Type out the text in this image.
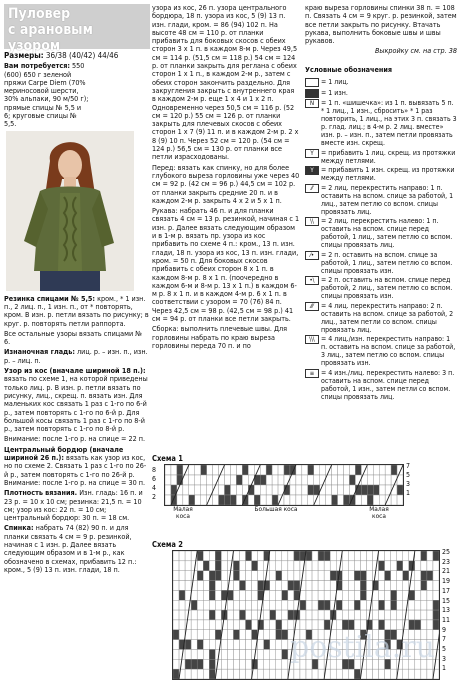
Пуловер
с арановым узором
Размеры: 36/38 (40/42) 44/46
Вам потребуется: 550 (600) 650 г зеленой пряжи Carpe Diem (70% мериносовой шерсти, 30% альпаки, 90 м/50 г); прямые спицы № 5,5 и 6; круговые спицы № 5,5.
Резинка спицами № 5,5: кром., * 1 изн. п., 2 лиц. п., 1 изн. п., от * повторять, кром. В изн. р. петли вязать по рисунку; в круг. р. повторять петли раппорта.
Все остальные узоры вязать спицами № 6.
Изнаночная гладь: лиц. р. – изн. п., изн. р. – лиц. п.
Узор из кос (вначале шириной 18 п.): вязать по схеме 1, на которой приведены только лиц. р. В изн. р. петли вязать по рисунку, лиц., скрещ. п. вязать изн. Для маленьких кос связать 1 раз с 1-го по 6-й р., затем повторять с 1-го по 6-й р. Для большой косы связать 1 раз с 1-го по 8-й р., затем повторять с 1-го по 8-й р.
Внимание: после 1-го р. на спице = 22 п.
Центральный бордюр (вначале шириной 26 п.): вязать как узор из кос, но по схеме 2. Связать 1 раз с 1-го по 26-й р., затем повторять с 1-го по 26-й р. Внимание: после 1-го р. на спице = 30 п.
Плотность вязания. Изн. гладь: 16 п. и 23 р. = 10 х 10 см; резинка: 21,5 п. = 10 см; узор из кос: 22 п. = 10 см; центральный бордюр: 30 п. = 18 см.
Спинка: набрать 74 (82) 90 п. и для планки связать 4 см = 9 р. резинкой, начиная с 1 изн. р. Далее вязать следующим образом и в 1-м р., как обозначено в схемах, прибавить 12 п.: кром., 5 (9) 13 п. изн. глади, 18 п.
узора из кос, 26 п. узора центрального бордюра, 18 п. узора из кос, 5 (9) 13 п. изн. глади, кром. = 86 (94) 102 п. На высоте 48 см = 110 р. от планки прибавить для боковых скосов с обеих сторон 3 х 1 п. в каждом 8-м р. Через 49,5 см = 114 р. (51,5 см = 118 р.) 54 см = 124 р. от планки закрыть для реглана с обеих сторон 1 х 1 п., в каждом 2-м р., затем с обеих сторон закончить раздельно. Для закругления закрыть с внутреннего края в каждом 2-м р. еще 1 х 4 и 1 х 2 п. Одновременно через 50,5 см = 116 р. (52 см = 120 р.) 55 см = 126 р. от планки закрыть для плечевых скосов с обеих сторон 1 х 7 (9) 11 п. и в каждом 2-м р. 2 х 8 (9) 10 п. Через 52 см = 120 р. (54 см = 124 р.) 56,5 см = 130 р. от планки все петли израсходованы.
Перед: вязать как спинку, но для более глубокого выреза горловины уже через 40 см = 92 р. (42 см = 96 р.) 44,5 см = 102 р. от планки закрыть средние 20 п. и в каждом 2-м р. закрыть 4 х 2 и 5 х 1 п.
Рукава: набрать 46 п. и для планки связать 4 см = 13 р. резинкой, начиная с 1 изн. р. Далее вязать следующим образом и в 1-м р. вязать пр. узора из кос прибавить по схеме 4 п.: кром., 13 п. изн. глади, 18 п. узора из кос, 13 п. изн. глади, кром. = 50 п. Для боковых скосов прибавить с обеих сторон 8 х 1 п. в каждом 8-м р. 8 х 1 п. (поочередно в каждом 6-м и 8-м р. 13 х 1 п.) в каждом 6-м р. 8 х 1 п. и в каждом 4-м р. 6 х 1 п. в соответствии с узором = 70 (76) 84 п. Через 42,5 см = 98 р. (42,5 см = 98 р.) 41 см = 94 р. от планки все петли закрыть.
Сборка: выполнить плечевые швы. Для горловины набрать по краю выреза горловины переда 70 п. и по
краю выреза горловины спинки 38 п. = 108 п. Связать 4 см = 9 круг. р. резинкой, затем все петли закрыть по рисунку. Втачать рукава, выполнить боковые швы и швы рукавов.
Выкройку см. на стр. 38
Условные обозначения
= 1 лиц.
= 1 изн.
N = 1 п. «шишечка»: из 1 п. вывязать 5 п. * 1 лиц., 1 изн., сбросить» * 1 раз повторить, 1 лиц., на этих 3 п. связать 3 р. глад. лиц.; в 4-м р. 2 лиц. вместе» изн. р. – изн. п., затем петли провязать вместе изн. скрещ.
Y	= прибавить 1 лиц. скрещ. из протяжки между петлями.
Y	= прибавить 1 изн. скрещ. из протяжки между петлями.
⁄⁄	= 2 лиц. перекрестить направо: 1 п. оставить на вспом. спице за работой, 1 лиц., затем петлю со вспом. спицы провязать лиц.
\\	= 2 лиц. перекрестить налево: 1 п. оставить на вспом. спице перед работой, 1 лиц., затем петлю со вспом. спицы провязать лиц.
⁄• = 2 п. оставить на вспом. спице за работой, 1 лиц., затем петлю со вспом. спицы провязать изн.
•\ = 2 п. оставить на вспом. спице перед работой, 2 лиц., затем петлю со вспом. спицы провязать изн.
⁄⁄⁄	= 4 лиц. перекрестить направо: 2 п. оставить на вспом. спице за работой, 2 лиц., затем петли со вспом. спицы провязать лиц.
\\\ = 4 лиц./изн. перекрестить направо: 1 п. оставить на вспом. спице за работой, 3 лиц., затем петлю со вспом. спицы провязать изн.
≡ = 4 изн./лиц. перекрестить налево: 3 п. оставить на вспом. спице перед работой, 1 изн., затем петли со вспом. спицы провязать лиц.
Схема 1
7
5
3
1
8
6
4
2
Малая коса
Большая коса	Малая коса
Схема 2
25
23
21
19
17
15
13
11
9
7
5
3
1
postila.ru
